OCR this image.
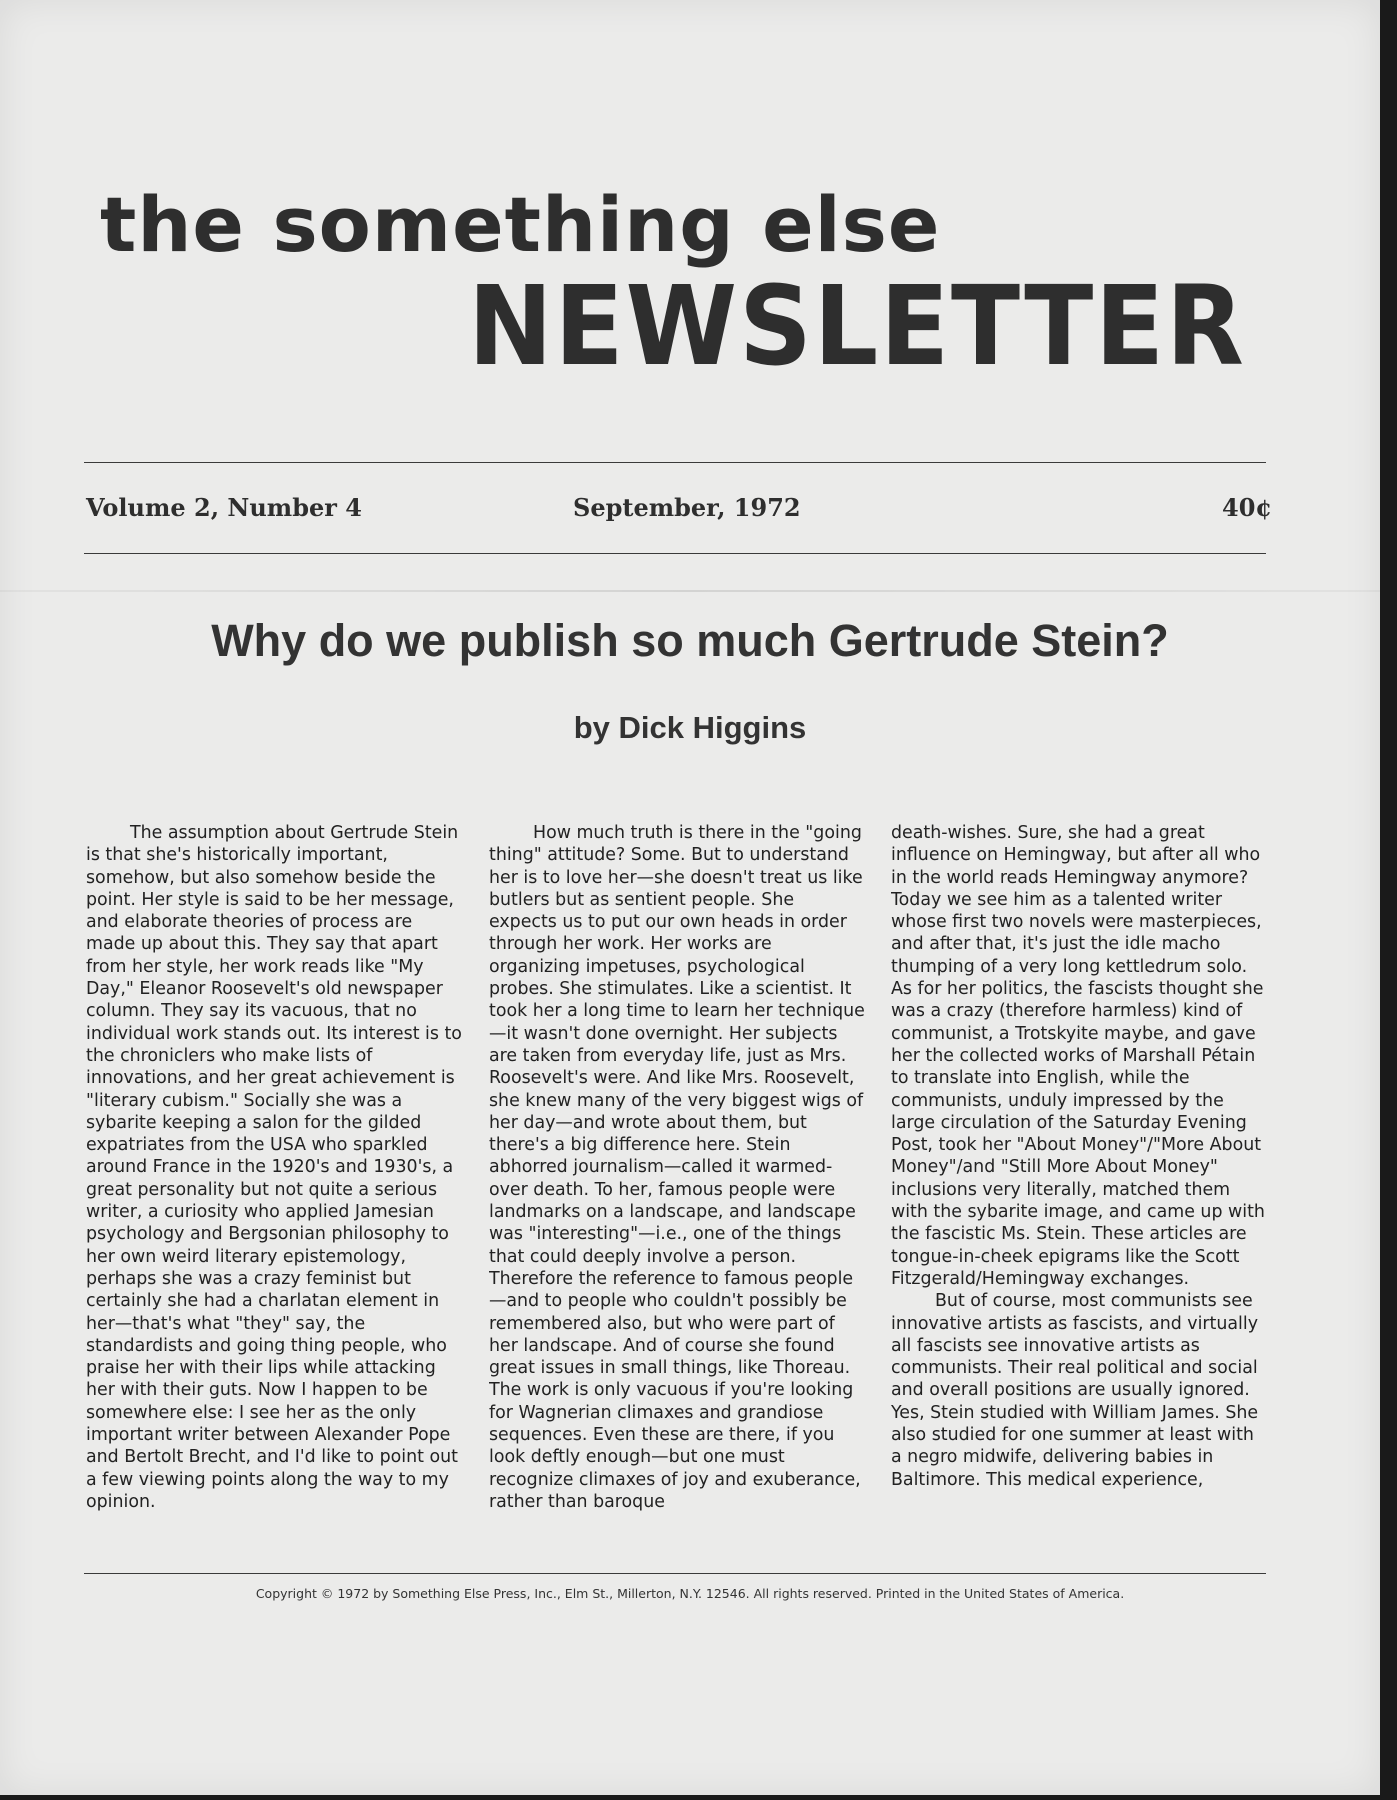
the something else
NEWSLETTER
Volume 2, Number 4	September, 1972	40¢
Why do we publish so much Gertrude Stein?
by Dick Higgins

The assumption about Gertrude Stein is that she's historically important, somehow, but also somehow beside the point. Her style is said to be her message, and elaborate theories of process are made up about this. They say that apart from her style, her work reads like "My Day," Eleanor Roosevelt's old newspaper column. They say its vacuous, that no individual work stands out. Its interest is to the chroniclers who make lists of innovations, and her great achievement is "literary cubism." Socially she was a sybarite keeping a salon for the gilded expatriates from the USA who sparkled around France in the 1920's and 1930's, a great personality but not quite a serious writer, a curiosity who applied Jamesian psychology and Bergsonian philosophy to her own weird literary epistemology, perhaps she was a crazy feminist but certainly she had a charlatan element in her—that's what "they" say, the standardists and going thing people, who praise her with their lips while attacking her with their guts. Now I happen to be somewhere else: I see her as the only important writer between Alexander Pope and Bertolt Brecht, and I'd like to point out a few viewing points along the way to my opinion.

How much truth is there in the "going thing" attitude? Some. But to understand her is to love her—she doesn't treat us like butlers but as sentient people. She expects us to put our own heads in order through her work. Her works are organizing impetuses, psychological probes. She stimulates. Like a scientist. It took her a long time to learn her technique—it wasn't done overnight. Her subjects are taken from everyday life, just as Mrs. Roosevelt's were. And like Mrs. Roosevelt, she knew many of the very biggest wigs of her day—and wrote about them, but there's a big difference here. Stein abhorred journalism—called it warmed-over death. To her, famous people were landmarks on a landscape, and landscape was "interesting"—i.e., one of the things that could deeply involve a person. Therefore the reference to famous people—and to people who couldn't possibly be remembered also, but who were part of her landscape. And of course she found great issues in small things, like Thoreau. The work is only vacuous if you're looking for Wagnerian climaxes and grandiose sequences. Even these are there, if you look deftly enough—but one must recognize climaxes of joy and exuberance, rather than baroque

death-wishes. Sure, she had a great influence on Hemingway, but after all who in the world reads Hemingway anymore? Today we see him as a talented writer whose first two novels were masterpieces, and after that, it's just the idle macho thumping of a very long kettledrum solo. As for her politics, the fascists thought she was a crazy (therefore harmless) kind of communist, a Trotskyite maybe, and gave her the collected works of Marshall Pétain to translate into English, while the communists, unduly impressed by the large circulation of the Saturday Evening Post, took her "About Money"/"More About Money"/and "Still More About Money" inclusions very literally, matched them with the sybarite image, and came up with the fascistic Ms. Stein. These articles are tongue-in-cheek epigrams like the Scott Fitzgerald/Hemingway exchanges.

But of course, most communists see innovative artists as fascists, and virtually all fascists see innovative artists as communists. Their real political and social and overall positions are usually ignored. Yes, Stein studied with William James. She also studied for one summer at least with a negro midwife, delivering babies in Baltimore. This medical experience,

Copyright © 1972 by Something Else Press, Inc., Elm St., Millerton, N.Y. 12546. All rights reserved. Printed in the United States of America.
